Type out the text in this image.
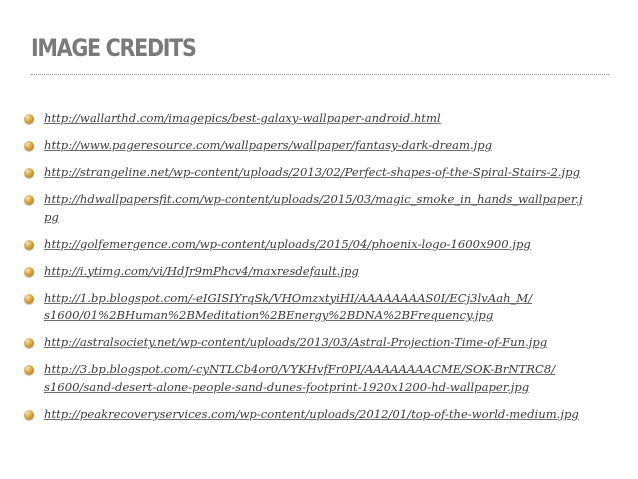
IMAGE CREDITS
http://wallarthd.com/imagepics/best-galaxy-wallpaper-android.html
http://www.pageresource.com/wallpapers/wallpaper/fantasy-dark-dream.jpg
http://strangeline.net/wp-content/uploads/2013/02/Perfect-shapes-of-the-Spiral-Stairs-2.jpg
http://hdwallpapersfit.com/wp-content/uploads/2015/03/magic_smoke_in_hands_wallpaper.jpg
http://golfemergence.com/wp-content/uploads/2015/04/phoenix-logo-1600x900.jpg
http://i.ytimg.com/vi/HdJr9mPhcv4/maxresdefault.jpg
http://1.bp.blogspot.com/-eIGISIYrqSk/VHOmzxtyiHI/AAAAAAAAS0I/ECj3lvAah_M/
s1600/01%2BHuman%2BMeditation%2BEnergy%2BDNA%2BFrequency.jpg
http://astralsociety.net/wp-content/uploads/2013/03/Astral-Projection-Time-of-Fun.jpg
http://3.bp.blogspot.com/-cyNTLCb4or0/VYKHvfFr0PI/AAAAAAAACME/SOK-BrNTRC8/
s1600/sand-desert-alone-people-sand-dunes-footprint-1920x1200-hd-wallpaper.jpg
http://peakrecoveryservices.com/wp-content/uploads/2012/01/top-of-the-world-medium.jpg
